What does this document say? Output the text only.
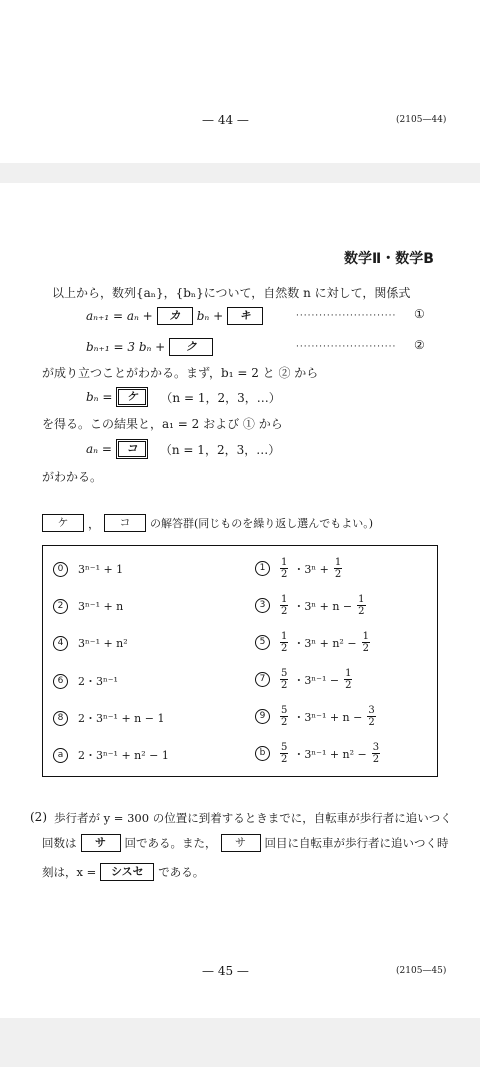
— 44 —	(2105—44)
数学Ⅱ・数学B
以上から，数列{aₙ}，{bₙ}について，自然数 n に対して，関係式
aₙ₊₁ = aₙ +	カ	bₙ +	キ	·························· ①
bₙ₊₁ = 3 bₙ +	ク	·························· ②
が成り立つことがわかる。まず，b₁ = 2 と ② から
bₙ =	ケ	（n = 1，2，3，…）
を得る。この結果と，a₁ = 2 および ① から
aₙ =	コ	（n = 1，2，3，…）
がわかる。
ケ	，	コ	の解答群(同じものを繰り返し選んでもよい。)
0	3ⁿ⁻¹ + 1
2	3ⁿ⁻¹ + n
4	3ⁿ⁻¹ + n²
6	2・3ⁿ⁻¹
8	2・3ⁿ⁻¹ + n − 1
a	2・3ⁿ⁻¹ + n² − 1
1	$\frac{1}{2}$ ・$3^n + \frac{1}{2}$
3	$\frac{1}{2}$ ・$3^n + n - \frac{1}{2}$
5	$\frac{1}{2}$ ・$3^n + n^2 - \frac{1}{2}$
7	$\frac{5}{2}$ ・$3^{n-1} - \frac{1}{2}$
9	$\frac{5}{2}$ ・$3^{n-1} + n - \frac{3}{2}$
b	$\frac{5}{2}$ ・$3^{n-1} + n^2 - \frac{3}{2}$
(2) 歩行者が y = 300 の位置に到着するときまでに，自転車が歩行者に追いつく
回数は	サ	回である。また，	サ	回目に自転車が歩行者に追いつく時
刻は，x =	シスセ	である。
— 45 —	(2105—45)
